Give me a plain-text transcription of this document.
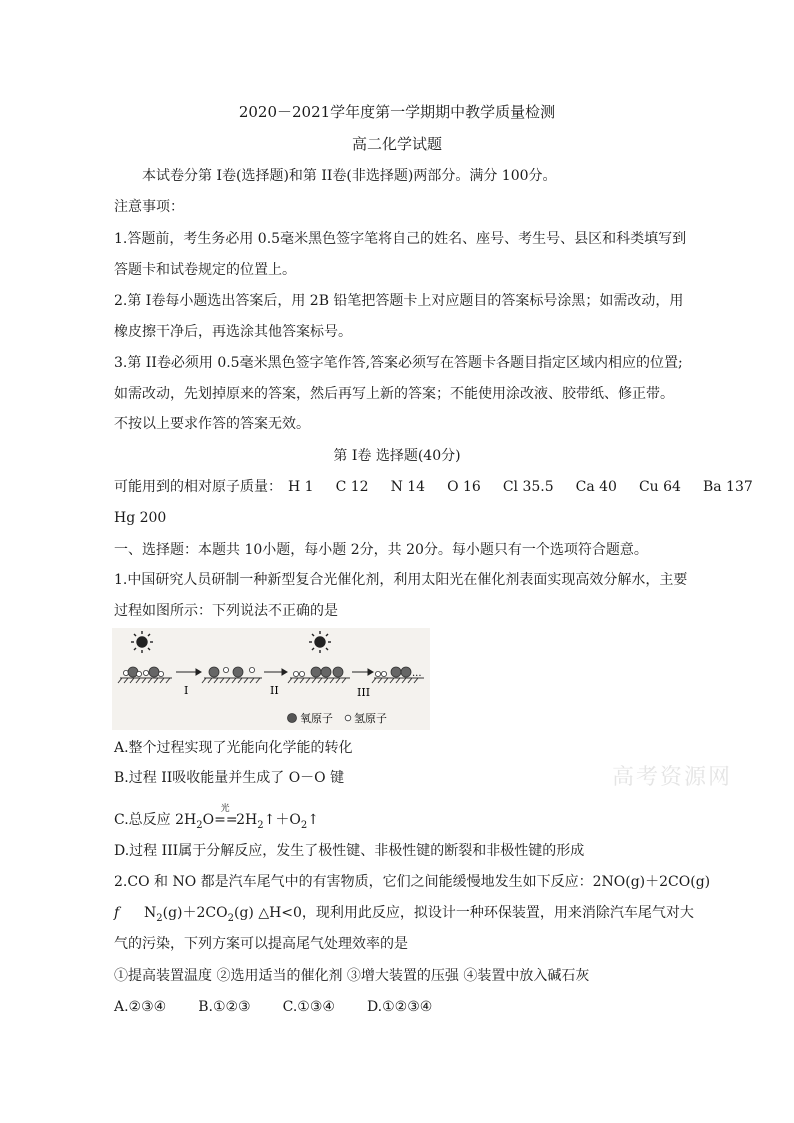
2020－2021学年度第一学期期中教学质量检测
高二化学试题
本试卷分第 I卷(选择题)和第 II卷(非选择题)两部分。满分 100分。
注意事项：
1.答题前，考生务必用 0.5毫米黑色签字笔将自己的姓名、座号、考生号、县区和科类填写到
答题卡和试卷规定的位置上。
2.第 I卷每小题选出答案后，用 2B 铅笔把答题卡上对应题目的答案标号涂黑；如需改动，用
橡皮擦干净后，再选涂其他答案标号。
3.第 II卷必须用 0.5毫米黑色签字笔作答,答案必须写在答题卡各题目指定区域内相应的位置;
如需改动，先划掉原来的答案，然后再写上新的答案；不能使用涂改液、胶带纸、修正带。
不按以上要求作答的答案无效。
第 I卷 选择题(40分)
可能用到的相对原子质量： H 1 C 12 N 14 O 16 Cl 35.5 Ca 40 Cu 64 Ba 137
Hg 200
一、选择题：本题共 10小题，每小题 2分，共 20分。每小题只有一个选项符合题意。
1.中国研究人员研制一种新型复合光催化剂，利用太阳光在催化剂表面实现高效分解水，主要
过程如图所示：下列说法不正确的是
I	II	III
...
氧原子 氢原子
A.整个过程实现了光能向化学能的转化
B.过程 II吸收能量并生成了 O－O 键
C.总反应 $2H_2O$
光
$==2H_2↑+O_2↑$
D.过程 III属于分解反应，发生了极性键、非极性键的断裂和非极性键的形成
2.CO 和 NO 都是汽车尾气中的有害物质，它们之间能缓慢地发生如下反应：2NO(g)＋2CO(g)
f $N_2(g)+2CO_2(g)$ △H<0，现利用此反应，拟设计一种环保装置，用来消除汽车尾气对大
气的污染，下列方案可以提高尾气处理效率的是
①提高装置温度 ②选用适当的催化剂 ③增大装置的压强 ④装置中放入碱石灰
A.②③④ B.①②③ C.①③④ D.①②③④
高考资源网
